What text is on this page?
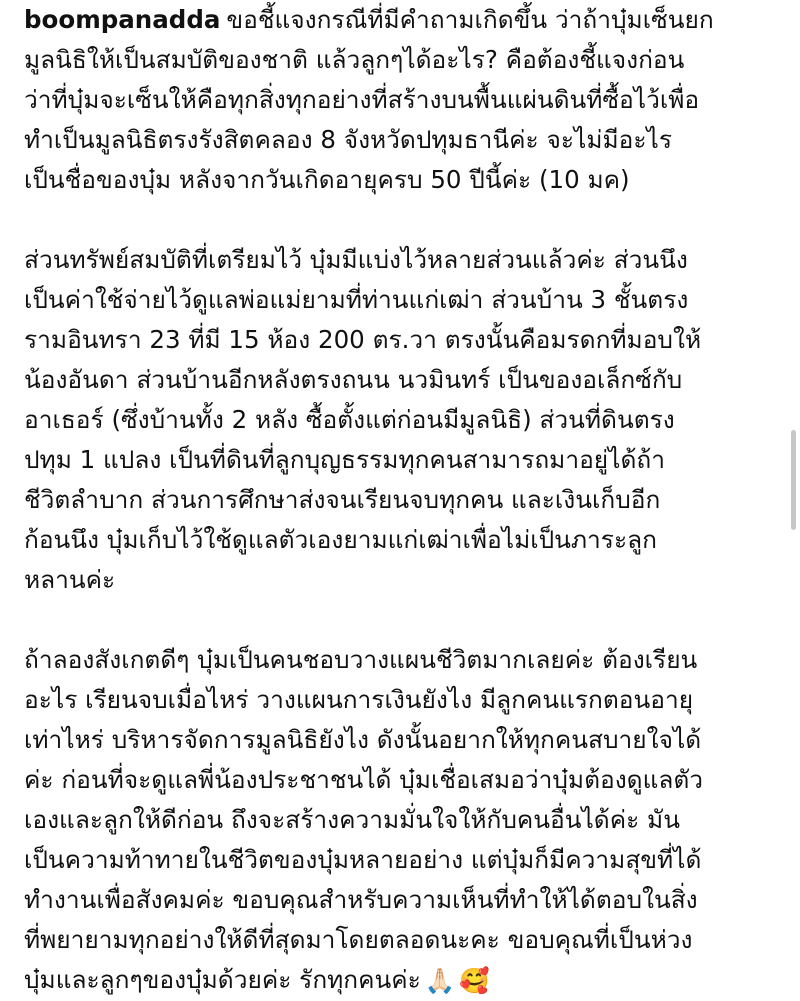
boompanadda ขอชี้แจงกรณีที่มีคำถามเกิดขึ้น ว่าถ้าบุ๋มเซ็นยก
มูลนิธิให้เป็นสมบัติของชาติ แล้วลูกๆได้อะไร? คือต้องชี้แจงก่อน
ว่าที่บุ๋มจะเซ็นให้คือทุกสิ่งทุกอย่างที่สร้างบนพื้นแผ่นดินที่ซื้อไว้เพื่อ
ทำเป็นมูลนิธิตรงรังสิตคลอง 8 จังหวัดปทุมธานีค่ะ จะไม่มีอะไร
เป็นชื่อของบุ๋ม หลังจากวันเกิดอายุครบ 50 ปีนี้ค่ะ (10 มค)
ส่วนทรัพย์สมบัติที่เตรียมไว้ บุ๋มมีแบ่งไว้หลายส่วนแล้วค่ะ ส่วนนึง
เป็นค่าใช้จ่ายไว้ดูแลพ่อแม่ยามที่ท่านแก่เฒ่า ส่วนบ้าน 3 ชั้นตรง
รามอินทรา 23 ที่มี 15 ห้อง 200 ตร.วา ตรงนั้นคือมรดกที่มอบให้
น้องอันดา ส่วนบ้านอีกหลังตรงถนน นวมินทร์ เป็นของอเล็กซ์กับ
อาเธอร์ (ซึ่งบ้านทั้ง 2 หลัง ซื้อตั้งแต่ก่อนมีมูลนิธิ) ส่วนที่ดินตรง
ปทุม 1 แปลง เป็นที่ดินที่ลูกบุญธรรมทุกคนสามารถมาอยู่ได้ถ้า
ชีวิตลำบาก ส่วนการศึกษาส่งจนเรียนจบทุกคน และเงินเก็บอีก
ก้อนนึง บุ๋มเก็บไว้ใช้ดูแลตัวเองยามแก่เฒ่าเพื่อไม่เป็นภาระลูก
หลานค่ะ
ถ้าลองสังเกตดีๆ บุ๋มเป็นคนชอบวางแผนชีวิตมากเลยค่ะ ต้องเรียน
อะไร เรียนจบเมื่อไหร่ วางแผนการเงินยังไง มีลูกคนแรกตอนอายุ
เท่าไหร่ บริหารจัดการมูลนิธิยังไง ดังนั้นอยากให้ทุกคนสบายใจได้
ค่ะ ก่อนที่จะดูแลพี่น้องประชาชนได้ บุ๋มเชื่อเสมอว่าบุ๋มต้องดูแลตัว
เองและลูกให้ดีก่อน ถึงจะสร้างความมั่นใจให้กับคนอื่นได้ค่ะ มัน
เป็นความท้าทายในชีวิตของบุ๋มหลายอย่าง แต่บุ๋มก็มีความสุขที่ได้
ทำงานเพื่อสังคมค่ะ ขอบคุณสำหรับความเห็นที่ทำให้ได้ตอบในสิ่ง
ที่พยายามทุกอย่างให้ดีที่สุดมาโดยตลอดนะคะ ขอบคุณที่เป็นห่วง
บุ๋มและลูกๆของบุ๋มด้วยค่ะ รักทุกคนค่ะ 🙏🏻 🥰
